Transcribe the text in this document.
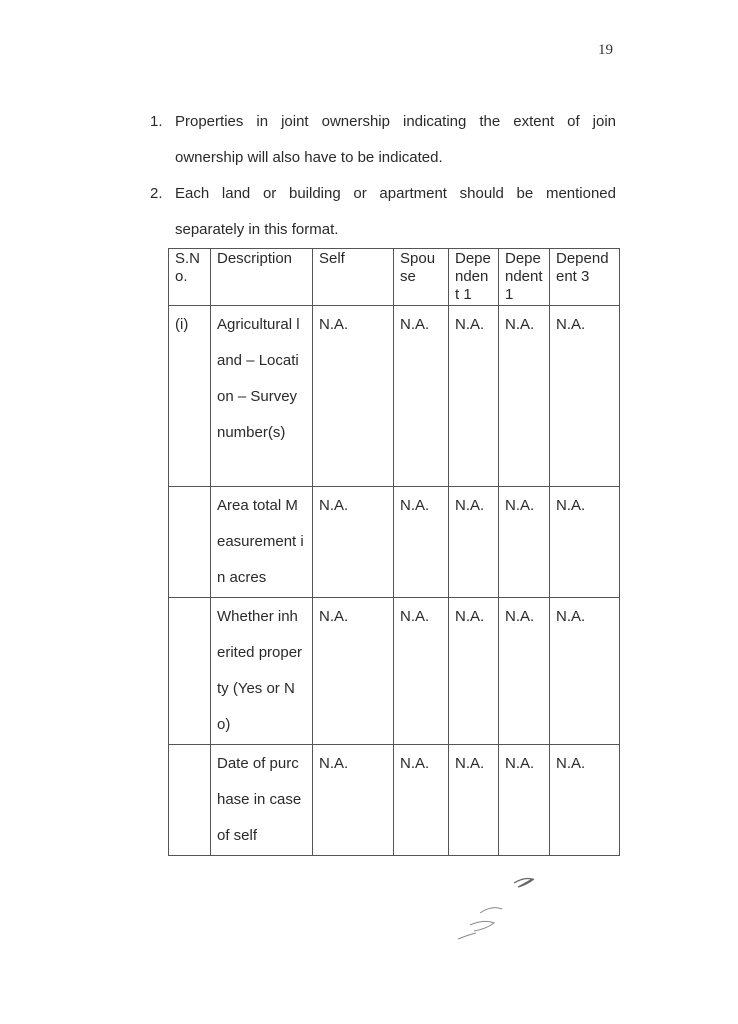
19
1. Properties in joint ownership indicating the extent of join ownership will also have to be indicated.
2. Each land or building or apartment should be mentioned separately in this format.
S.No.	Description	Self	Spouse	Dependent 1	Dependent 1	Dependent 3
(i)	Agricultural land – Location – Survey number(s)	N.A.	N.A.	N.A.	N.A.	N.A.
	Area total Measurement in acres	N.A.	N.A.	N.A.	N.A.	N.A.
	Whether inherited property (Yes or No)	N.A.	N.A.	N.A.	N.A.	N.A.
	Date of purchase in case of self	N.A.	N.A.	N.A.	N.A.	N.A.
